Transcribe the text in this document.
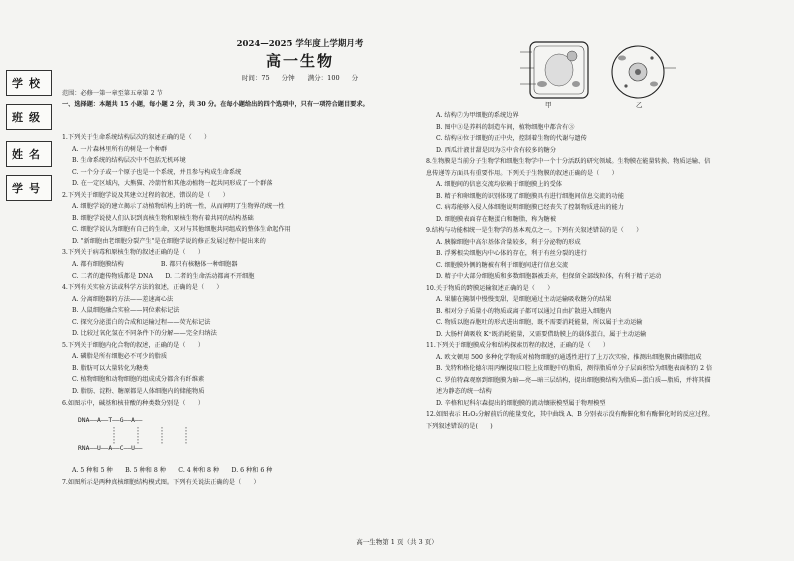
学校
班级
姓名
学号
2024—2025 学年度上学期月考
高一生物
时间：75 分钟　　满分：100 分

范围：必修一第一章至第五章第 2 节

一、选择题：本题共 15 小题，每小题 2 分，共 30 分。在每小题给出的四个选项中，只有一项符合题目要求。

1.下列关于生命系统结构层次的叙述正确的是（　　）

A. 一片森林里所有的树是一个种群

B. 生命系统的结构层次中不包括无机环境

C. 一个分子或一个原子也是一个系统，并且参与构成生命系统

D. 在一定区域内，大熊猫、冷箭竹和其他动植物一起共同形成了一个群落

2.下列关于细胞学说及其建立过程的叙述，错误的是（　　）

A. 细胞学说的建立揭示了动植物结构上的统一性，从而阐明了生物界的统一性

B. 细胞学说使人们认识到真核生物和原核生物有着共同的结构基础

C. 细胞学说认为细胞有自己的生命，又对与其他细胞共同组成的整体生命起作用

D. "新细胞由老细胞分裂产生"是在细胞学说的修正发展过程中提出来的

3.下列关于病毒和原核生物的叙述正确的是（　　）

A. 都有细胞膜结构　　　　　　B. 都只有核糖体一种细胞器

C. 二者的遗传物质都是 DNA　　D. 二者的生命活动都离不开细胞

4.下列有关实验方法或科学方法的叙述，正确的是（　　）

A. 分离细胞器的方法——差速离心法

B. 人鼠细胞融合实验——同位素标记法

C. 探究分泌蛋白的合成和运输过程——荧光标记法

D. 比较过氧化氢在不同条件下的分解——完全归纳法

5.下列关于细胞内化合物的叙述，正确的是（　　）

A. 磷脂是所有细胞必不可少的脂质

B. 脂肪可以大量转化为糖类

C. 植物细胞和动物细胞的组成成分都含有纤维素

D. 脂肪、淀粉、糖原都是人体细胞内的储能物质

6.如图示中，碱基和核苷酸的种类数分别是（　　）

DNA——A——T——G——A——
RNA——U——A——C——U——

A. 5 种和 5 种　　B. 5 种和 8 种　　C. 4 种和 8 种　　D. 6 种和 6 种

7.如图所示是两种真核细胞结构模式图。下列有关说法正确的是（　　）

甲	乙

A. 结构⑦为甲细胞的系统边界

B. 图中③是养料的制造车间，植物细胞中都含有③

C. 结构④位于细胞的正中央，控制着生物的代谢与遗传

D. 西瓜汁液甘甜是因为⑤中含有较多的糖分

8.生物膜是当前分子生物学和细胞生物学中一个十分活跃的研究领域。生物膜在能量转换、物质运输、信息传递等方面具有重要作用。下列关于生物膜的叙述正确的是（　　）

A. 细胞间的信息交流均依赖于细胞膜上的受体

B. 精子和卵细胞的识别体现了细胞膜具有进行细胞间信息交流的功能

C. 病毒能够入侵人体细胞说明细胞膜已经丧失了控制物质进出的能力

D. 细胞膜表面存在糖蛋白和糖脂，称为糖被

9.结构与功能相统一是生物学的基本观点之一。下列有关叙述错误的是（　　）

A. 胰腺细胞中高尔基体含量较多，利于分泌物的形成

B. 浮雾根尖细胞内中心体的存在，利于有丝分裂的进行

C. 细胞膜外侧的糖被有利于细胞间进行信息交流

D. 精子中大部分细胞质和多数细胞器被丢弃，但保留全部线粒体，有利于精子运动

10.关于物质的跨膜运输叙述正确的是（　　）

A. 果脯在腌制中慢慢变甜，是细胞通过主动运输吸收糖分的结果

B. 相对分子质量小的物质或离子都可以通过自由扩散进入细胞内

C. 物质以胞吞胞吐的形式进出细胞，既不需要消耗能量，所以属于主动运输

D. 大肠杆菌吸收 K⁺既消耗能量，又需要借助膜上的载体蛋白，属于主动运输

11.下列关于细胞膜成分和结构探索历程的叙述，正确的是（　　）

A. 欧文顿用 500 多种化学物质对植物细胞的通透性进行了上万次实验，推测出细胞膜由磷脂组成

B. 戈特和格伦德尔用丙酮提取口腔上皮细胞中的脂质，测得脂质单分子层面积恰为细胞表面积的 2 倍

C. 罗伯特森观察到细胞膜为暗—亮—暗三层结构，提出细胞膜结构为脂质—蛋白质—脂质，并将其描述为静态的统一结构

D. 辛格和尼科尔森提出的细胞膜的流动镶嵌模型属于物理模型

12.如图表示 H₂O₂分解前后的能量变化，其中曲线 A、B 分别表示没有酶催化和有酶催化时的反应过程。下列叙述错误的是(　　)

高一生物第 1 页（共 3 页）
